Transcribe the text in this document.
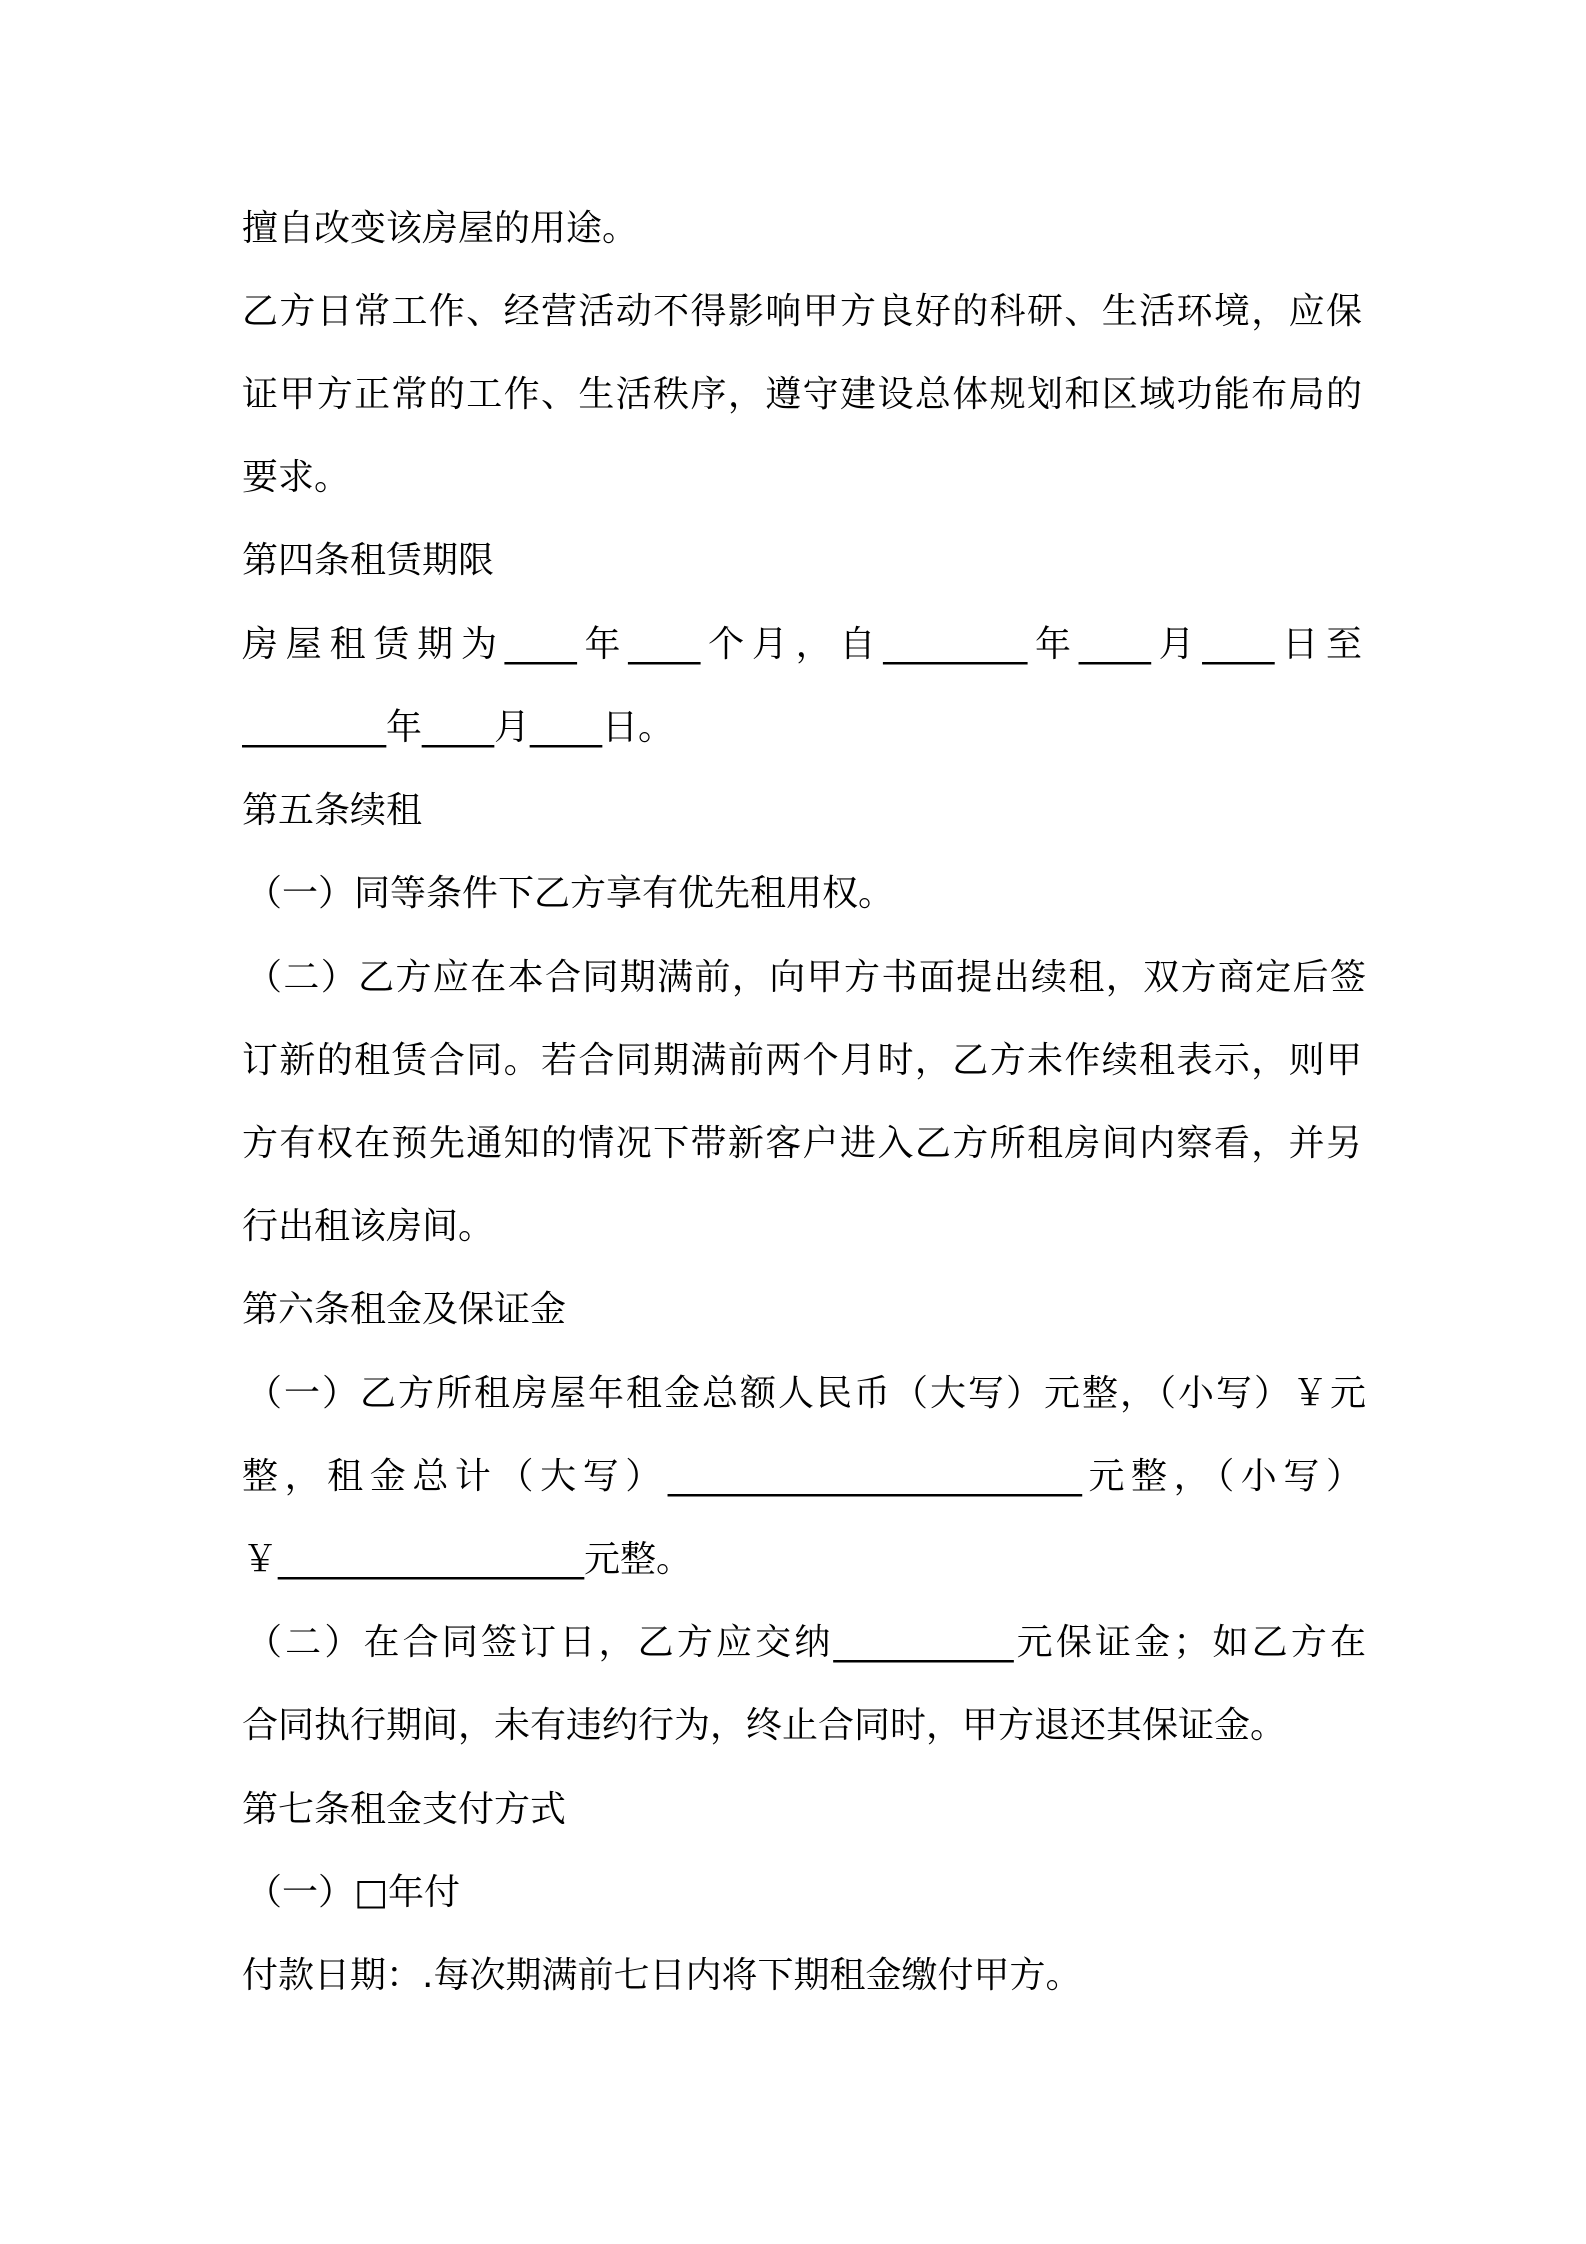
擅自改变该房屋的用途。

乙方日常工作、经营活动不得影响甲方良好的科研、生活环境，应保

证甲方正常的工作、生活秩序，遵守建设总体规划和区域功能布局的

要求。

第四条租赁期限

房屋租赁期为____年____个月，自________年____月____日至

________年____月____日。

第五条续租

（一）同等条件下乙方享有优先租用权。

（二）乙方应在本合同期满前，向甲方书面提出续租，双方商定后签

订新的租赁合同。若合同期满前两个月时，乙方未作续租表示，则甲

方有权在预先通知的情况下带新客户进入乙方所租房间内察看，并另

行出租该房间。

第六条租金及保证金

（一）乙方所租房屋年租金总额人民币（大写）元整，（小写）￥元

整，租金总计（大写）_______________________元整，（小写）

￥_________________元整。

（二）在合同签订日，乙方应交纳__________元保证金；如乙方在

合同执行期间，未有违约行为，终止合同时，甲方退还其保证金。

第七条租金支付方式

（一）□年付

付款日期：.每次期满前七日内将下期租金缴付甲方。
